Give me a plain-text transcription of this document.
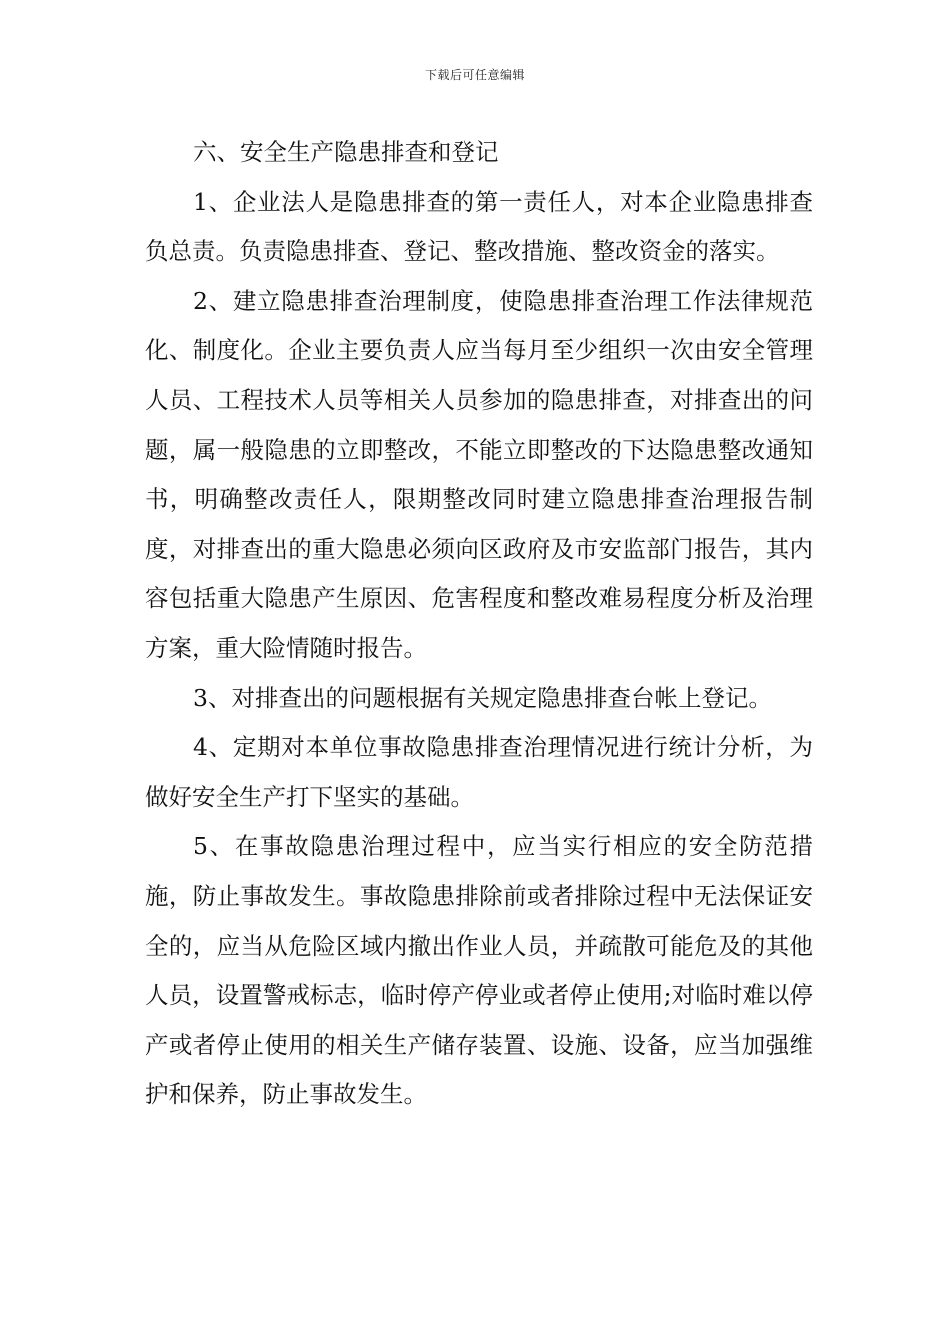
下载后可任意编辑
六、安全生产隐患排查和登记

1、企业法人是隐患排查的第一责任人，对本企业隐患排查负总责。负责隐患排查、登记、整改措施、整改资金的落实。

2、建立隐患排查治理制度，使隐患排查治理工作法律规范化、制度化。企业主要负责人应当每月至少组织一次由安全管理人员、工程技术人员等相关人员参加的隐患排查，对排查出的问题，属一般隐患的立即整改，不能立即整改的下达隐患整改通知书，明确整改责任人，限期整改同时建立隐患排查治理报告制度，对排查出的重大隐患必须向区政府及市安监部门报告，其内容包括重大隐患产生原因、危害程度和整改难易程度分析及治理方案，重大险情随时报告。

3、对排查出的问题根据有关规定隐患排查台帐上登记。

4、定期对本单位事故隐患排查治理情况进行统计分析，为做好安全生产打下坚实的基础。

5、在事故隐患治理过程中，应当实行相应的安全防范措施，防止事故发生。事故隐患排除前或者排除过程中无法保证安全的，应当从危险区域内撤出作业人员，并疏散可能危及的其他人员，设置警戒标志，临时停产停业或者停止使用;对临时难以停产或者停止使用的相关生产储存装置、设施、设备，应当加强维护和保养，防止事故发生。
